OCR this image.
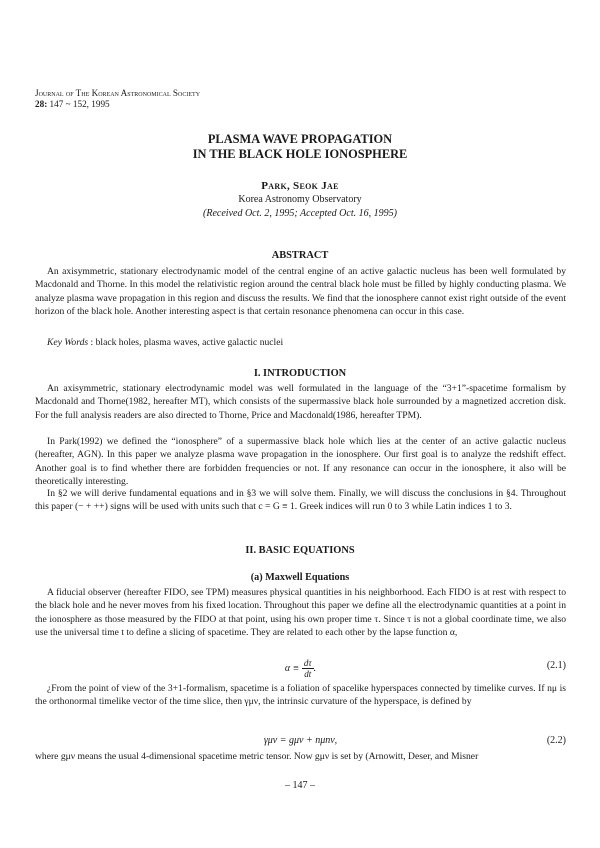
Journal of The Korean Astronomical Society
28: 147 ~ 152, 1995
PLASMA WAVE PROPAGATION
IN THE BLACK HOLE IONOSPHERE
Park, Seok Jae
Korea Astronomy Observatory
(Received Oct. 2, 1995; Accepted Oct. 16, 1995)
ABSTRACT
An axisymmetric, stationary electrodynamic model of the central engine of an active galactic nucleus has been well formulated by Macdonald and Thorne. In this model the relativistic region around the central black hole must be filled by highly conducting plasma. We analyze plasma wave propagation in this region and discuss the results. We find that the ionosphere cannot exist right outside of the event horizon of the black hole. Another interesting aspect is that certain resonance phenomena can occur in this case.
Key Words : black holes, plasma waves, active galactic nuclei
I. INTRODUCTION
An axisymmetric, stationary electrodynamic model was well formulated in the language of the “3+1”-spacetime formalism by Macdonald and Thorne(1982, hereafter MT), which consists of the supermassive black hole surrounded by a magnetized accretion disk. For the full analysis readers are also directed to Thorne, Price and Macdonald(1986, hereafter TPM).
In Park(1992) we defined the “ionosphere” of a supermassive black hole which lies at the center of an active galactic nucleus (hereafter, AGN). In this paper we analyze plasma wave propagation in the ionosphere. Our first goal is to analyze the redshift effect. Another goal is to find whether there are forbidden frequencies or not. If any resonance can occur in the ionosphere, it also will be theoretically interesting.
In §2 we will derive fundamental equations and in §3 we will solve them. Finally, we will discuss the conclusions in §4. Throughout this paper (− + ++) signs will be used with units such that c = G ≡ 1. Greek indices will run 0 to 3 while Latin indices 1 to 3.
II. BASIC EQUATIONS
(a) Maxwell Equations
A fiducial observer (hereafter FIDO, see TPM) measures physical quantities in his neighborhood. Each FIDO is at rest with respect to the black hole and he never moves from his fixed location. Throughout this paper we define all the electrodynamic quantities at a point in the ionosphere as those measured by the FIDO at that point, using his own proper time τ. Since τ is not a global coordinate time, we also use the universal time t to define a slicing of spacetime. They are related to each other by the lapse function α,
$\alpha \equiv \frac{d\tau}{dt}$ .	(2.1)
¿From the point of view of the 3+1-formalism, spacetime is a foliation of spacelike hyperspaces connected by timelike curves. If nμ is the orthonormal timelike vector of the time slice, then γμν, the intrinsic curvature of the hyperspace, is defined by
γμν = gμν + nμnν,	(2.2)
where gμν means the usual 4-dimensional spacetime metric tensor. Now gμν is set by (Arnowitt, Deser, and Misner
– 147 –
